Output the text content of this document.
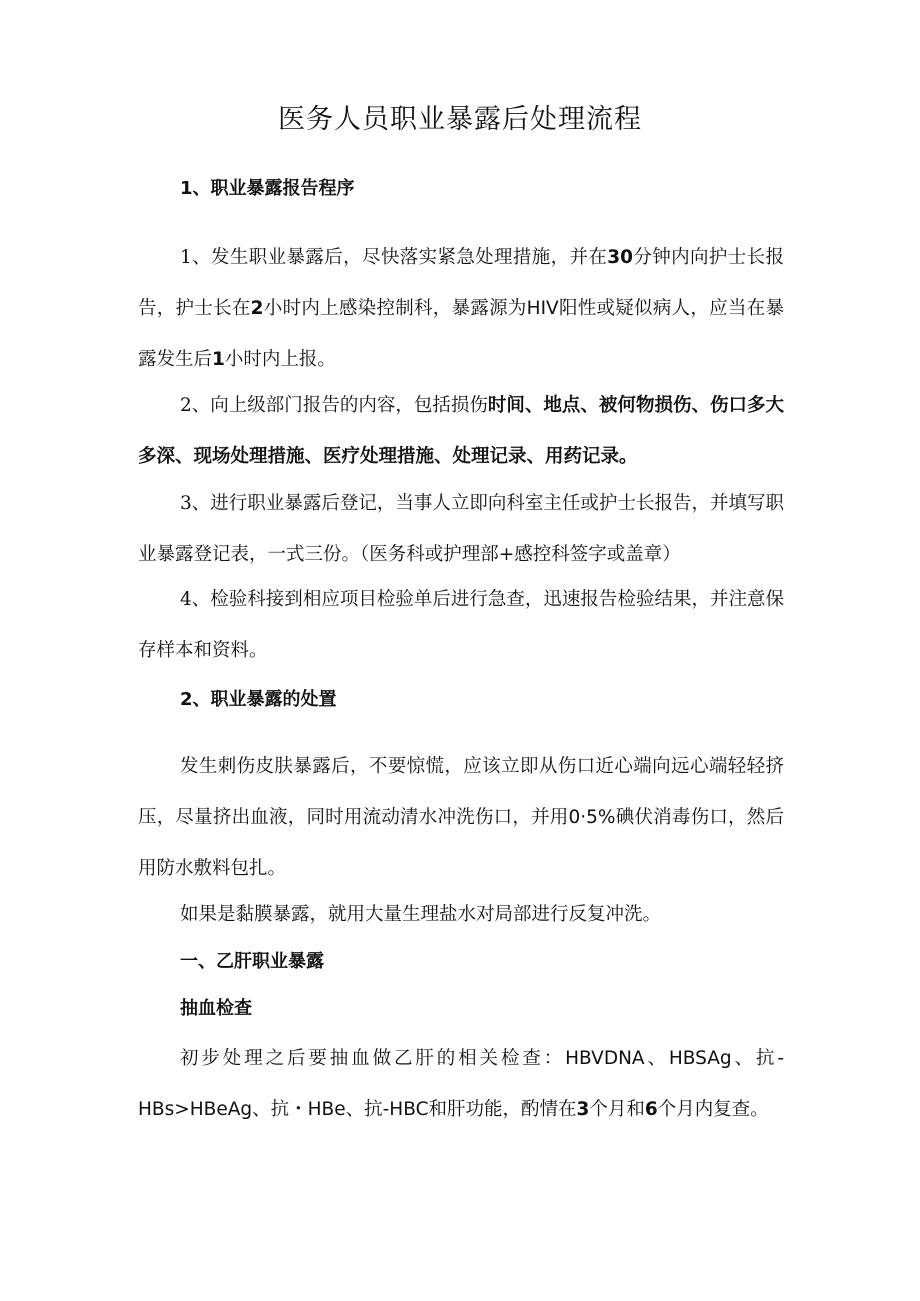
医务人员职业暴露后处理流程
1、职业暴露报告程序

1、发生职业暴露后，尽快落实紧急处理措施，并在30分钟内向护士长报告，护士长在2小时内上感染控制科，暴露源为HIV阳性或疑似病人，应当在暴露发生后1小时内上报。

2、向上级部门报告的内容，包括损伤时间、地点、被何物损伤、伤口多大多深、现场处理措施、医疗处理措施、处理记录、用药记录。

3、进行职业暴露后登记，当事人立即向科室主任或护士长报告，并填写职业暴露登记表，一式三份。（医务科或护理部+感控科签字或盖章）

4、检验科接到相应项目检验单后进行急查，迅速报告检验结果，并注意保存样本和资料。

2、职业暴露的处置

发生刺伤皮肤暴露后，不要惊慌，应该立即从伤口近心端向远心端轻轻挤压，尽量挤出血液，同时用流动清水冲洗伤口，并用0·5%碘伏消毒伤口，然后用防水敷料包扎。

如果是黏膜暴露，就用大量生理盐水对局部进行反复冲洗。

一、乙肝职业暴露
抽血检查

初步处理之后要抽血做乙肝的相关检查：HBVDNA、HBSAg、抗-HBs>HBeAg、抗・HBe、抗-HBC和肝功能，酌情在3个月和6个月内复查。
